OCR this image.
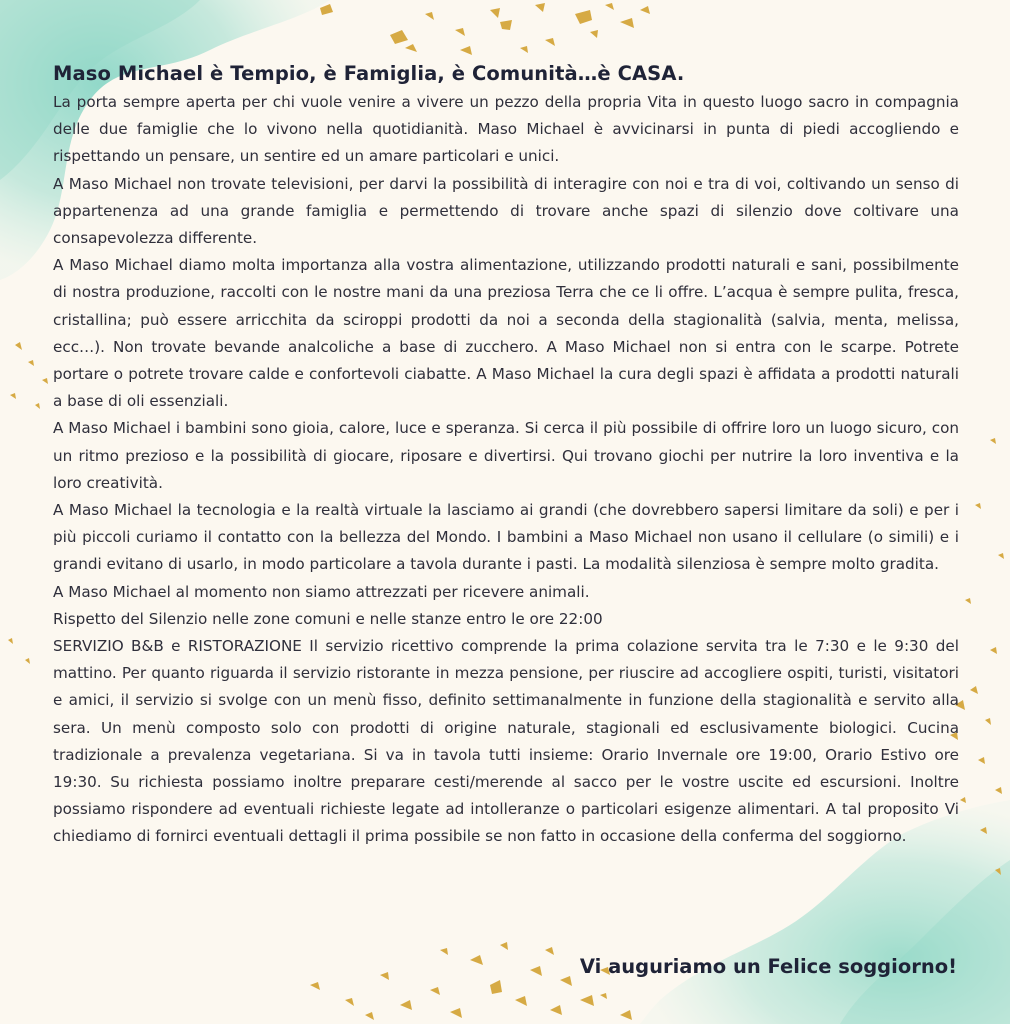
Maso Michael è Tempio, è Famiglia, è Comunità…è CASA.

La porta sempre aperta per chi vuole venire a vivere un pezzo della propria Vita in questo luogo sacro in compagnia delle due famiglie che lo vivono nella quotidianità. Maso Michael è avvicinarsi in punta di piedi accogliendo e rispettando un pensare, un sentire ed un amare particolari e unici.

A Maso Michael non trovate televisioni, per darvi la possibilità di interagire con noi e tra di voi, coltivando un senso di appartenenza ad una grande famiglia e permettendo di trovare anche spazi di silenzio dove coltivare una consapevolezza differente.

A Maso Michael diamo molta importanza alla vostra alimentazione, utilizzando prodotti naturali e sani, possibilmente di nostra produzione, raccolti con le nostre mani da una preziosa Terra che ce li offre. L’acqua è sempre pulita, fresca, cristallina; può essere arricchita da sciroppi prodotti da noi a seconda della stagionalità (salvia, menta, melissa, ecc…). Non trovate bevande analcoliche a base di zucchero. A Maso Michael non si entra con le scarpe. Potrete portare o potrete trovare calde e confortevoli ciabatte. A Maso Michael la cura degli spazi è affidata a prodotti naturali a base di oli essenziali.

A Maso Michael i bambini sono gioia, calore, luce e speranza. Si cerca il più possibile di offrire loro un luogo sicuro, con un ritmo prezioso e la possibilità di giocare, riposare e divertirsi. Qui trovano giochi per nutrire la loro inventiva e la loro creatività.

A Maso Michael la tecnologia e la realtà virtuale la lasciamo ai grandi (che dovrebbero sapersi limitare da soli) e per i più piccoli curiamo il contatto con la bellezza del Mondo. I bambini a Maso Michael non usano il cellulare (o simili) e i grandi evitano di usarlo, in modo particolare a tavola durante i pasti. La modalità silenziosa è sempre molto gradita.

A Maso Michael al momento non siamo attrezzati per ricevere animali.

Rispetto del Silenzio nelle zone comuni e nelle stanze entro le ore 22:00

SERVIZIO B&B e RISTORAZIONE Il servizio ricettivo comprende la prima colazione servita tra le 7:30 e le 9:30 del mattino. Per quanto riguarda il servizio ristorante in mezza pensione, per riuscire ad accogliere ospiti, turisti, visitatori e amici, il servizio si svolge con un menù fisso, definito settimanalmente in funzione della stagionalità e servito alla sera. Un menù composto solo con prodotti di origine naturale, stagionali ed esclusivamente biologici. Cucina tradizionale a prevalenza vegetariana. Si va in tavola tutti insieme: Orario Invernale ore 19:00, Orario Estivo ore 19:30. Su richiesta possiamo inoltre preparare cesti/merende al sacco per le vostre uscite ed escursioni. Inoltre possiamo rispondere ad eventuali richieste legate ad intolleranze o particolari esigenze alimentari. A tal proposito Vi chiediamo di fornirci eventuali dettagli il prima possibile se non fatto in occasione della conferma del soggiorno.

Vi auguriamo un Felice soggiorno!
